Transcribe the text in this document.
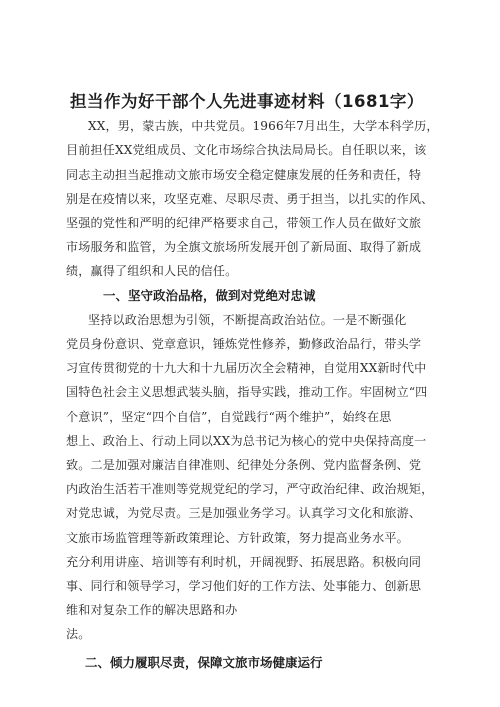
担当作为好干部个人先进事迹材料（1681字）

XX，男，蒙古族，中共党员。1966年7月出生，大学本科学历，

目前担任XX党组成员、文化市场综合执法局局长。自任职以来，该

同志主动担当起推动文旅市场安全稳定健康发展的任务和责任，特

别是在疫情以来，攻坚克难、尽职尽责、勇于担当，以扎实的作风、

坚强的党性和严明的纪律严格要求自己，带领工作人员在做好文旅

市场服务和监管，为全旗文旅场所发展开创了新局面、取得了新成

绩，赢得了组织和人民的信任。

一、坚守政治品格，做到对党绝对忠诚

坚持以政治思想为引领，不断提高政治站位。一是不断强化

党员身份意识、党章意识，锤炼党性修养，勤修政治品行，带头学

习宣传贯彻党的十九大和十九届历次全会精神，自觉用XX新时代中

国特色社会主义思想武装头脑，指导实践，推动工作。牢固树立“四

个意识”，坚定“四个自信”，自觉践行“两个维护”，始终在思

想上、政治上、行动上同以XX为总书记为核心的党中央保持高度一

致。二是加强对廉洁自律准则、纪律处分条例、党内监督条例、党

内政治生活若干准则等党规党纪的学习，严守政治纪律、政治规矩，

对党忠诚，为党尽责。三是加强业务学习。认真学习文化和旅游、

文旅市场监管理等新政策理论、方针政策，努力提高业务水平。

充分利用讲座、培训等有利时机，开阔视野、拓展思路。积极向同

事、同行和领导学习，学习他们好的工作方法、处事能力、创新思

维和对复杂工作的解决思路和办

法。

二、倾力履职尽责，保障文旅市场健康运行
